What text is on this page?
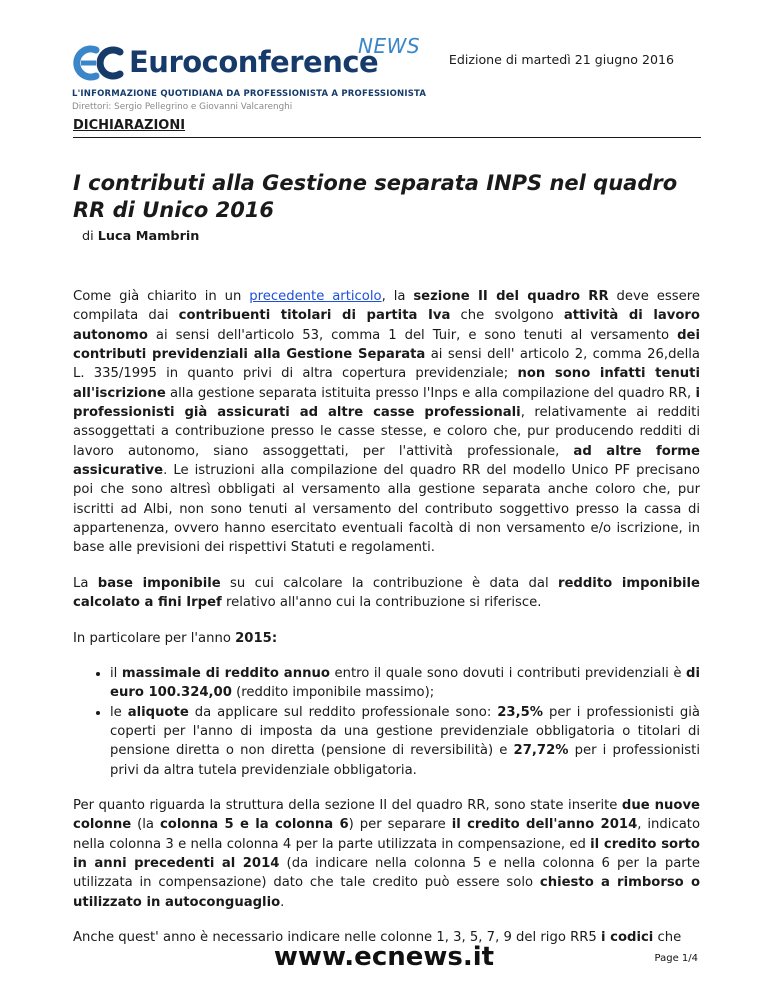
NEWS
Euroconference
L'INFORMAZIONE QUOTIDIANA DA PROFESSIONISTA A PROFESSIONISTA
Direttori: Sergio Pellegrino e Giovanni Valcarenghi
Edizione di martedì 21 giugno 2016
DICHIARAZIONI
I contributi alla Gestione separata INPS nel quadro RR di Unico 2016
di Luca Mambrin

Come già chiarito in un precedente articolo, la sezione II del quadro RR deve essere compilata dai contribuenti titolari di partita Iva che svolgono attività di lavoro autonomo ai sensi dell'articolo 53, comma 1 del Tuir, e sono tenuti al versamento dei contributi previdenziali alla Gestione Separata ai sensi dell' articolo 2, comma 26,della L. 335/1995 in quanto privi di altra copertura previdenziale; non sono infatti tenuti all'iscrizione alla gestione separata istituita presso l'Inps e alla compilazione del quadro RR, i professionisti già assicurati ad altre casse professionali, relativamente ai redditi assoggettati a contribuzione presso le casse stesse, e coloro che, pur producendo redditi di lavoro autonomo, siano assoggettati, per l'attività professionale, ad altre forme assicurative. Le istruzioni alla compilazione del quadro RR del modello Unico PF precisano poi che sono altresì obbligati al versamento alla gestione separata anche coloro che, pur iscritti ad Albi, non sono tenuti al versamento del contributo soggettivo presso la cassa di appartenenza, ovvero hanno esercitato eventuali facoltà di non versamento e/o iscrizione, in base alle previsioni dei rispettivi Statuti e regolamenti.

La base imponibile su cui calcolare la contribuzione è data dal reddito imponibile calcolato a fini Irpef relativo all'anno cui la contribuzione si riferisce.

In particolare per l'anno 2015:

• il massimale di reddito annuo entro il quale sono dovuti i contributi previdenziali è di euro 100.324,00 (reddito imponibile massimo);
• le aliquote da applicare sul reddito professionale sono: 23,5% per i professionisti già coperti per l'anno di imposta da una gestione previdenziale obbligatoria o titolari di pensione diretta o non diretta (pensione di reversibilità) e 27,72% per i professionisti privi da altra tutela previdenziale obbligatoria.

Per quanto riguarda la struttura della sezione II del quadro RR, sono state inserite due nuove colonne (la colonna 5 e la colonna 6) per separare il credito dell'anno 2014, indicato nella colonna 3 e nella colonna 4 per la parte utilizzata in compensazione, ed il credito sorto in anni precedenti al 2014 (da indicare nella colonna 5 e nella colonna 6 per la parte utilizzata in compensazione) dato che tale credito può essere solo chiesto a rimborso o utilizzato in autoconguaglio.

Anche quest' anno è necessario indicare nelle colonne 1, 3, 5, 7, 9 del rigo RR5 i codici che

www.ecnews.it	Page 1/4
